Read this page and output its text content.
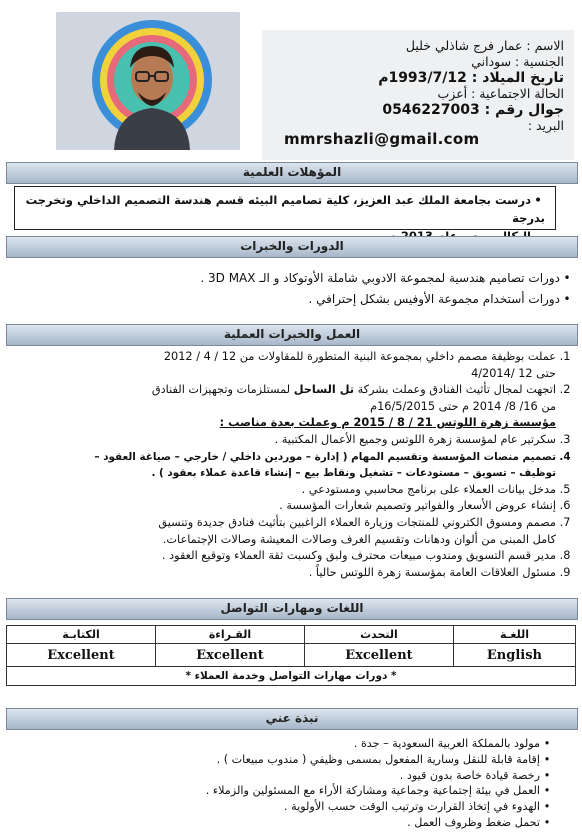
الاسم : عمار فرج شاذلي خليل
الجنسية : سوداني
تاريخ الميلاد : 1993/7/12م
الحالة الاجتماعية : أعزب
جوال رقم : 0546227003
البريد :
mmrshazli@gmail.com
المؤهلات العلمية
•درست بجامعة الملك عبد العزيز، كلية تصاميم البيئه قسم هندسة التصميم الداخلي وتخرجت بدرجة
الدورات والخبرات
•دورات تصاميم هندسية لمجموعة الادوبي شاملة الأوتوكاد و الـ 3D MAX .
•دورات أستخدام مجموعة الأوفيس بشكل إحترافي .
العمل والخبرات العملية
1.عملت بوظيفة مصمم داخلي بمجموعة البنية المتطورة للمقاولات من 12 / 4 / 2012
حتى 12 /4/2014
2.اتجهت لمجال تأثيث الفنادق وعملت بشركة تل الساحل لمستلزمات وتجهيزات الفنادق
من 16/ 8/ 2014 م حتى 16/5/2015م
مؤسسة زهرة اللوتس 21 / 8 / 2015 م وعملت بعدة مناصب :
3.سكرتير عام لمؤسسة زهرة اللوتس وجميع الأعمال المكتبية .
4.تصميم منصات المؤسسة وتقسيم المهام ( إدارة – موردين داخلي / خارجي – صياغة العقود –
توظيف – تسويق – مستودعات – تشغيل ونقاط بيع – إنشاء قاعدة عملاء بعقود ) .
5.مدخل بيانات العملاء على برنامج محاسبي ومستودعي .
6.إنشاء عروض الأسعار والفواتير وتصميم شعارات المؤسسة .
7.مصمم ومسوق الكتروني للمنتجات وزيارة العملاء الراغبين بتأثيث فنادق جديدة وتنسيق
كامل المبنى من ألوان ودهانات وتقسيم الغرف وصالات المعيشة وصالات الإجتماعات.
8.مدير قسم التسويق ومندوب مبيعات محترف ولبق وكسبت ثقة العملاء وتوقيع العقود .
9.مسئول العلاقات العامة بمؤسسة زهرة اللوتس حالياً .
اللغات ومهارات التواصل
اللغـة	التحدث	القـراءة	الكتابـة
English	Excellent	Excellent	Excellent
* دورات مهارات التواصل وخدمة العملاء *			
نبذة عني
•مولود بالمملكة العربية السعودية – جدة .
•إقامة قابلة للنقل وسارية المفعول بمسمى وظيفي ( مندوب مبيعات ) .
•رخصة قيادة خاصة بدون قيود .
•العمل في بيئة إجتماعية وجماعية ومشاركة الأراء مع المسئولين والزملاء .
•الهدوء في إتخاذ القرارت وترتيب الوقت حسب الأولوية .
•تحمل ضغط وظروف العمل .
